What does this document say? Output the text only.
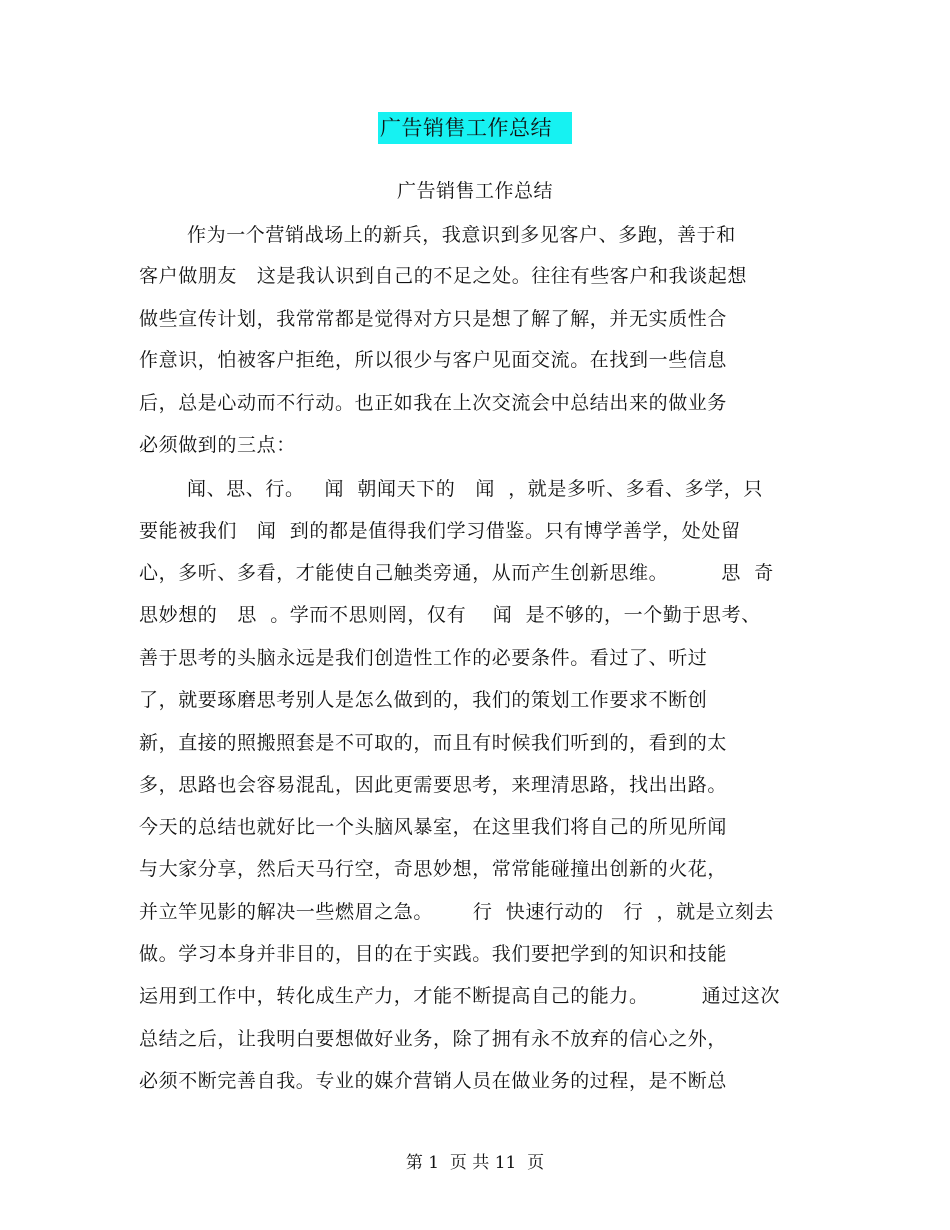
广告销售工作总结
广告销售工作总结
作为一个营销战场上的新兵，我意识到多见客户、多跑，善于和
客户做朋友   这是我认识到自己的不足之处。往往有些客户和我谈起想
做些宣传计划，我常常都是觉得对方只是想了解了解，并无实质性合
作意识，怕被客户拒绝，所以很少与客户见面交流。在找到一些信息
后，总是心动而不行动。也正如我在上次交流会中总结出来的做业务
必须做到的三点：
闻、思、行。   闻  朝闻天下的   闻  ，就是多听、多看、多学，只
要能被我们   闻  到的都是值得我们学习借鉴。只有博学善学，处处留
心，多听、多看，才能使自己触类旁通，从而产生创新思维。        思  奇
思妙想的   思  。学而不思则罔，仅有    闻  是不够的，一个勤于思考、
善于思考的头脑永远是我们创造性工作的必要条件。看过了、听过
了，就要琢磨思考别人是怎么做到的，我们的策划工作要求不断创
新，直接的照搬照套是不可取的，而且有时候我们听到的，看到的太
多，思路也会容易混乱，因此更需要思考，来理清思路，找出出路。
今天的总结也就好比一个头脑风暴室，在这里我们将自己的所见所闻
与大家分享，然后天马行空，奇思妙想，常常能碰撞出创新的火花，
并立竿见影的解决一些燃眉之急。      行  快速行动的   行  ，就是立刻去
做。学习本身并非目的，目的在于实践。我们要把学到的知识和技能
运用到工作中，转化成生产力，才能不断提高自己的能力。        通过这次
总结之后，让我明白要想做好业务，除了拥有永不放弃的信心之外，
必须不断完善自我。专业的媒介营销人员在做业务的过程，是不断总
第 1  页 共 11  页
